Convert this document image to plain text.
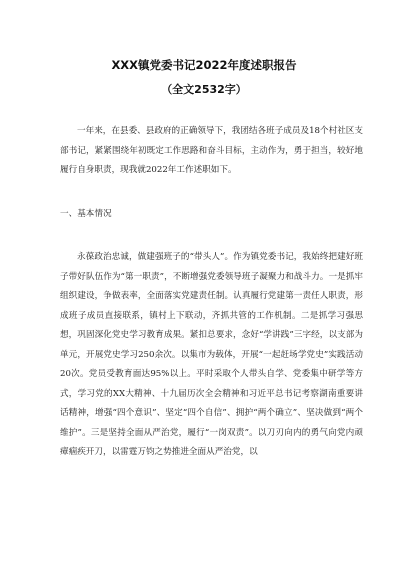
XXX镇党委书记2022年度述职报告
（全文2532字）

一年来，在县委、县政府的正确领导下，我团结各班子成员及18个村社区支部书记，紧紧围绕年初既定工作思路和奋斗目标，主动作为，勇于担当，较好地履行自身职责，现我就2022年工作述职如下。

一、基本情况

永葆政治忠诚，做建强班子的“带头人”。作为镇党委书记，我始终把建好班子带好队伍作为“第一职责”，不断增强党委领导班子凝聚力和战斗力。一是抓牢组织建设，争做表率，全面落实党建责任制。认真履行党建第一责任人职责，形成班子成员直接联系，镇村上下联动，齐抓共管的工作机制。二是抓学习强思想，巩固深化党史学习教育成果。紧扣总要求，念好“学讲践”三字经，以支部为单元，开展党史学习250余次。以集市为载体，开展“一起赶场学党史”实践活动20次。党员受教育面达95%以上。平时采取个人带头自学、党委集中研学等方式，学习党的XX大精神、十九届历次全会精神和习近平总书记考察湖南重要讲话精神，增强“四个意识”、坚定“四个自信”、拥护“两个确立”、坚决做到“两个维护”。三是坚持全面从严治党，履行“一岗双责”。以刀刃向内的勇气向党内顽瘴痼疾开刀，以雷霆万钧之势推进全面从严治党，以
